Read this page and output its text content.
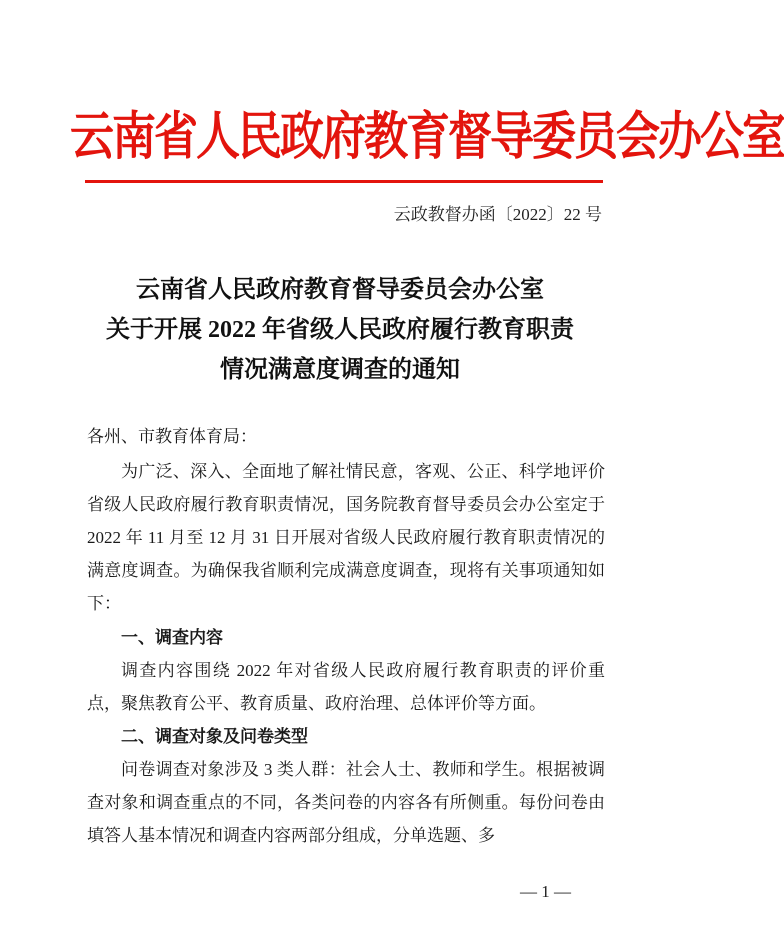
云南省人民政府教育督导委员会办公室
云政教督办函〔2022〕22 号
云南省人民政府教育督导委员会办公室
关于开展 2022 年省级人民政府履行教育职责
情况满意度调查的通知
各州、市教育体育局：
为广泛、深入、全面地了解社情民意，客观、公正、科学地评价省级人民政府履行教育职责情况，国务院教育督导委员会办公室定于 2022 年 11 月至 12 月 31 日开展对省级人民政府履行教育职责情况的满意度调查。为确保我省顺利完成满意度调查，现将有关事项通知如下：
一、调查内容
调查内容围绕 2022 年对省级人民政府履行教育职责的评价重点，聚焦教育公平、教育质量、政府治理、总体评价等方面。
二、调查对象及问卷类型
问卷调查对象涉及 3 类人群：社会人士、教师和学生。根据被调查对象和调查重点的不同，各类问卷的内容各有所侧重。每份问卷由填答人基本情况和调查内容两部分组成，分单选题、多
— 1 —
